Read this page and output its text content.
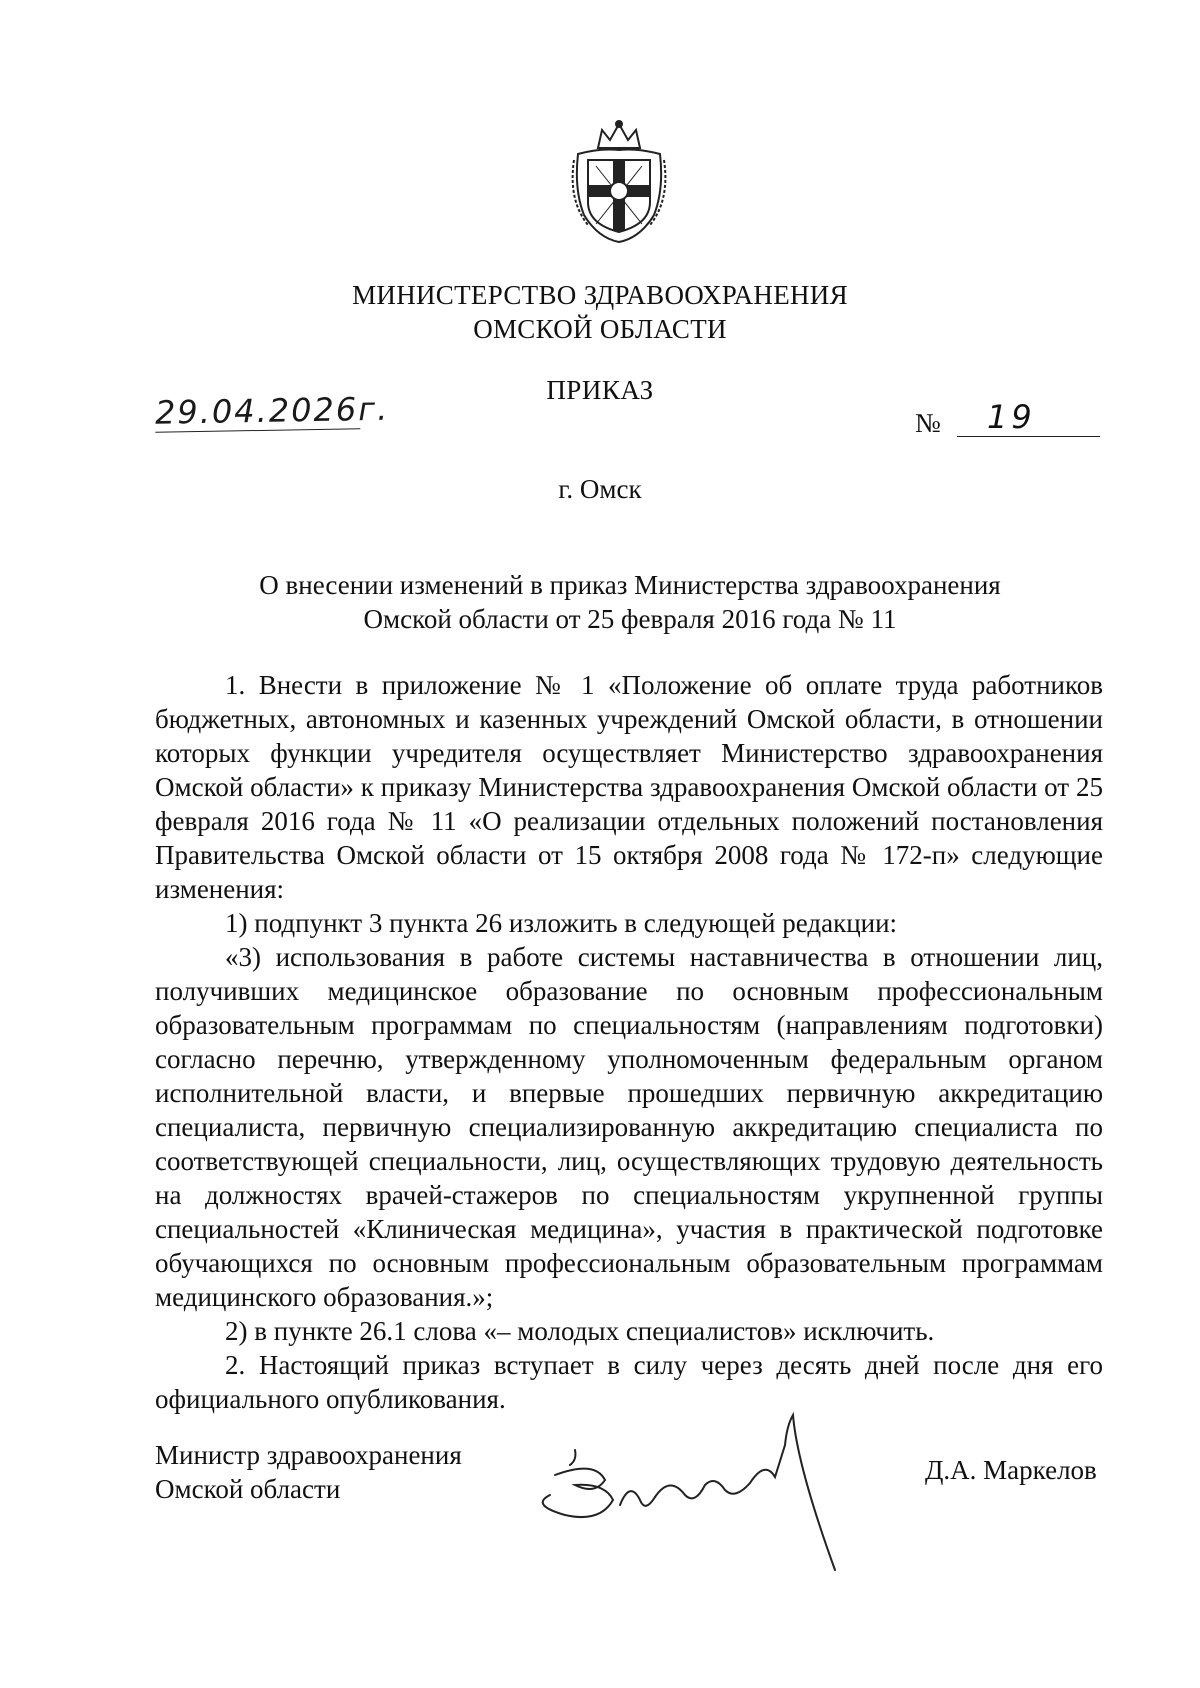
МИНИСТЕРСТВО ЗДРАВООХРАНЕНИЯ
ОМСКОЙ ОБЛАСТИ
ПРИКАЗ
29.04.2026г.	№	19
г. Омск
О внесении изменений в приказ Министерства здравоохранения
Омской области от 25 февраля 2016 года № 11

1. Внести в приложение № 1 «Положение об оплате труда работников бюджетных, автономных и казенных учреждений Омской области, в отношении которых функции учредителя осуществляет Министерство здравоохранения Омской области» к приказу Министерства здравоохранения Омской области от 25 февраля 2016 года № 11 «О реализации отдельных положений постановления Правительства Омской области от 15 октября 2008 года № 172-п» следующие изменения:

1) подпункт 3 пункта 26 изложить в следующей редакции:

«3) использования в работе системы наставничества в отношении лиц, получивших медицинское образование по основным профессиональным образовательным программам по специальностям (направлениям подготовки) согласно перечню, утвержденному уполномоченным федеральным органом исполнительной власти, и впервые прошедших первичную аккредитацию специалиста, первичную специализированную аккредитацию специалиста по соответствующей специальности, лиц, осуществляющих трудовую деятельность на должностях врачей-стажеров по специальностям укрупненной группы специальностей «Клиническая медицина», участия в практической подготовке обучающихся по основным профессиональным образовательным программам медицинского образования.»;

2) в пункте 26.1 слова «– молодых специалистов» исключить.

2. Настоящий приказ вступает в силу через десять дней после дня его официального опубликования.

Министр здравоохранения
Омской области
Д.А. Маркелов
